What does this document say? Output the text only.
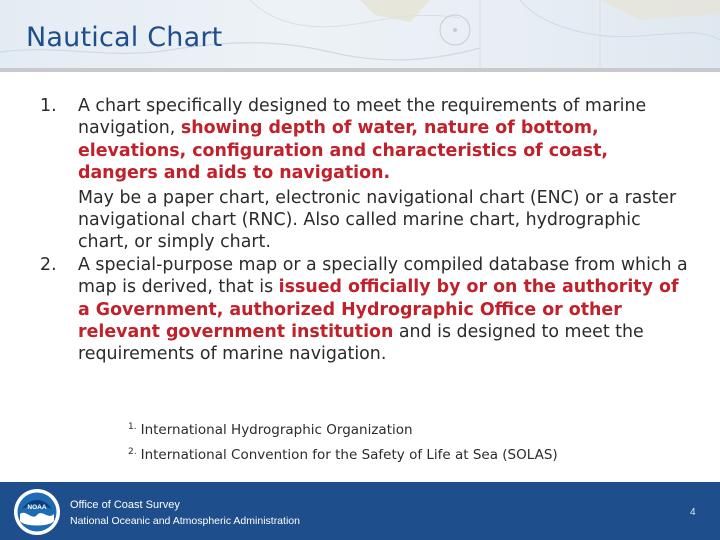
Nautical Chart
1. A chart specifically designed to meet the requirements of marine navigation, showing depth of water, nature of bottom, elevations, configuration and characteristics of coast, dangers and aids to navigation.
May be a paper chart, electronic navigational chart (ENC) or a raster navigational chart (RNC). Also called marine chart, hydrographic chart, or simply chart.
2. A special-purpose map or a specially compiled database from which a map is derived, that is issued officially by or on the authority of a Government, authorized Hydrographic Office or other relevant government institution and is designed to meet the requirements of marine navigation.
$^{1.}$ International Hydrographic Organization
$^{2.}$ International Convention for the Safety of Life at Sea (SOLAS)
NOAA Office of Coast Survey
National Oceanic and Atmospheric Administration
4
